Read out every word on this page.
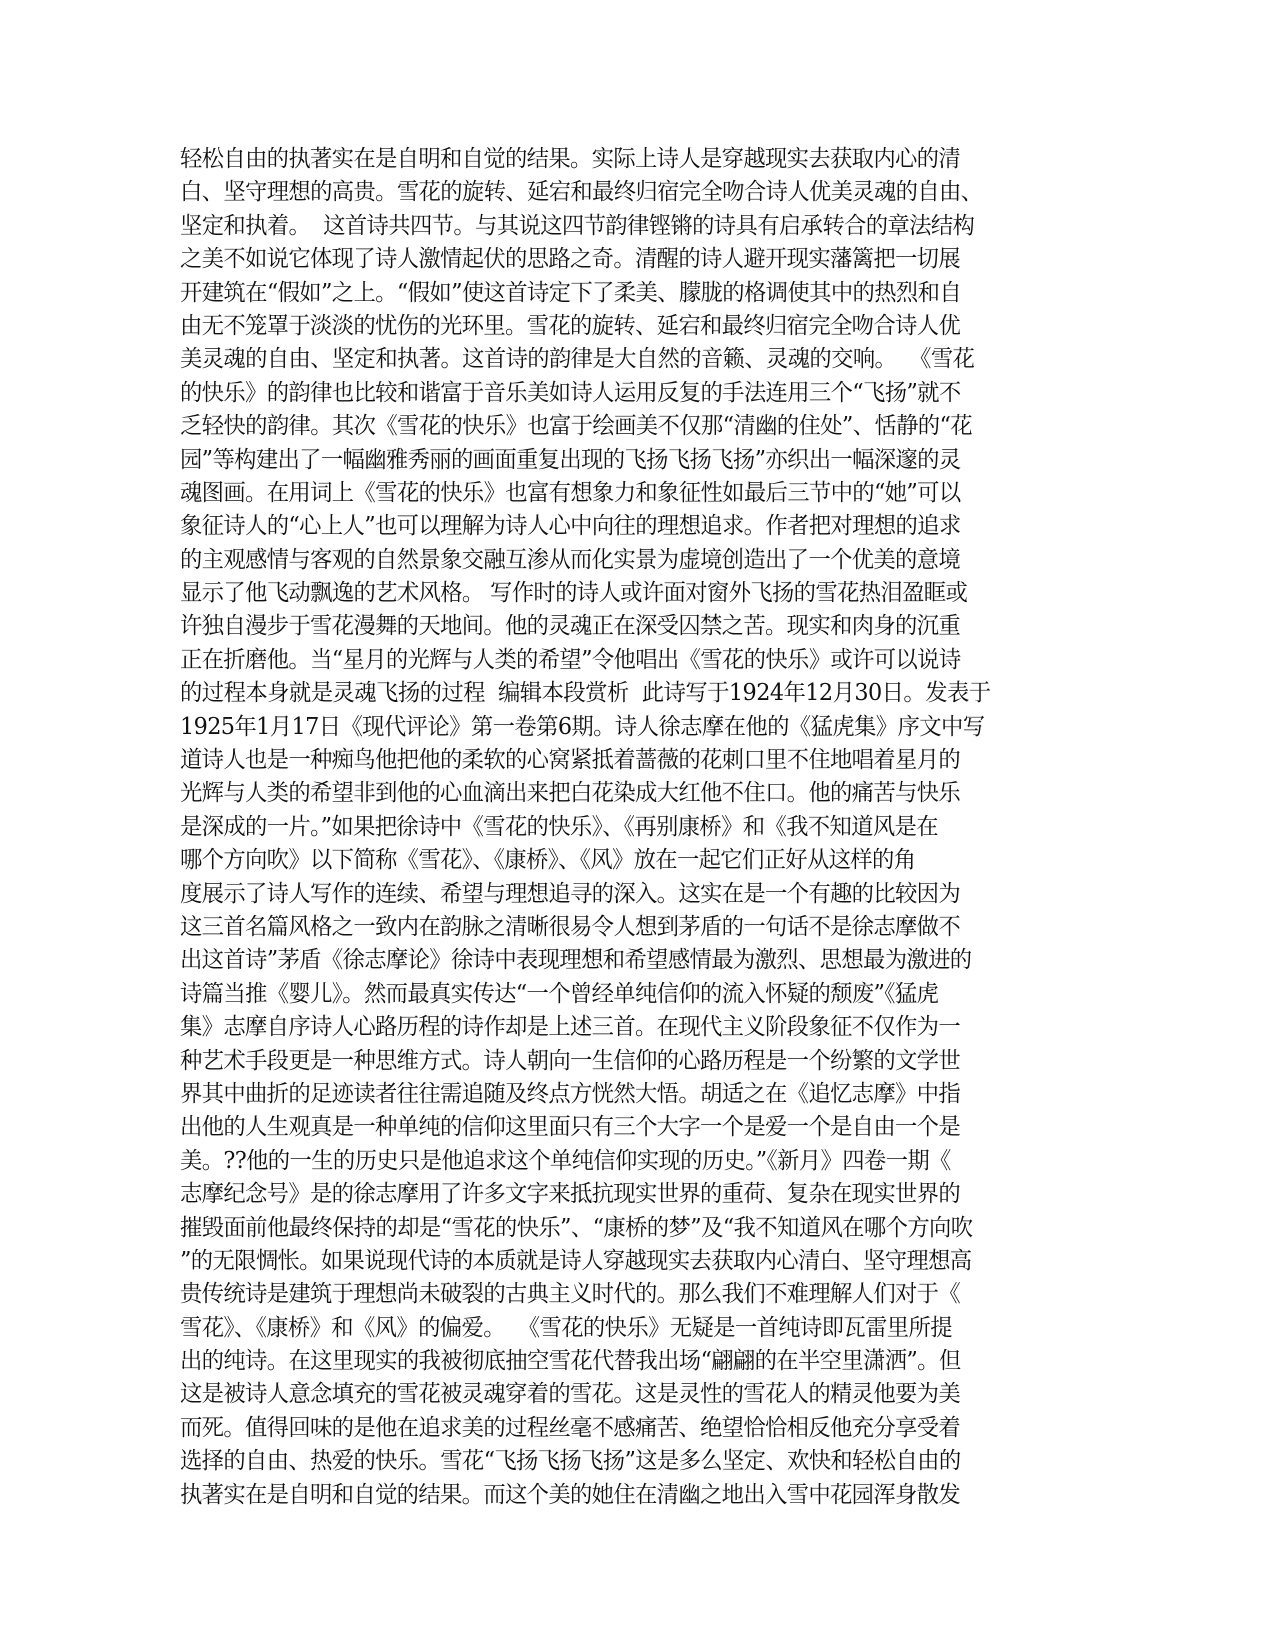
轻松自由的执著实在是自明和自觉的结果。实际上诗人是穿越现实去获取内心的清
白、坚守理想的高贵。雪花的旋转、延宕和最终归宿完全吻合诗人优美灵魂的自由、
坚定和执着。  这首诗共四节。与其说这四节韵律铿锵的诗具有启承转合的章法结构
之美不如说它体现了诗人激情起伏的思路之奇。清醒的诗人避开现实藩篱把一切展
开建筑在“假如”之上。“假如”使这首诗定下了柔美、朦胧的格调使其中的热烈和自
由无不笼罩于淡淡的忧伤的光环里。雪花的旋转、延宕和最终归宿完全吻合诗人优
美灵魂的自由、坚定和执著。这首诗的韵律是大自然的音籁、灵魂的交响。  《雪花
的快乐》的韵律也比较和谐富于音乐美如诗人运用反复的手法连用三个“飞扬”就不
乏轻快的韵律。其次《雪花的快乐》也富于绘画美不仅那“清幽的住处”、恬静的“花
园”等构建出了一幅幽雅秀丽的画面重复出现的飞扬飞扬飞扬”亦织出一幅深邃的灵
魂图画。在用词上《雪花的快乐》也富有想象力和象征性如最后三节中的“她”可以
象征诗人的“心上人”也可以理解为诗人心中向往的理想追求。作者把对理想的追求
的主观感情与客观的自然景象交融互渗从而化实景为虚境创造出了一个优美的意境
显示了他飞动飘逸的艺术风格。 写作时的诗人或许面对窗外飞扬的雪花热泪盈眶或
许独自漫步于雪花漫舞的天地间。他的灵魂正在深受囚禁之苦。现实和肉身的沉重
正在折磨他。当“星月的光辉与人类的希望”令他唱出《雪花的快乐》或许可以说诗
的过程本身就是灵魂飞扬的过程  编辑本段赏析  此诗写于1924年12月30日。发表于
1925年1月17日《现代评论》第一卷第6期。诗人徐志摩在他的《猛虎集》序文中写
道诗人也是一种痴鸟他把他的柔软的心窝紧抵着蔷薇的花刺口里不住地唱着星月的
光辉与人类的希望非到他的心血滴出来把白花染成大红他不住口。他的痛苦与快乐
是深成的一片。”如果把徐诗中《雪花的快乐》、《再别康桥》和《我不知道风是在
哪个方向吹》以下简称《雪花》、《康桥》、《风》放在一起它们正好从这样的角
度展示了诗人写作的连续、希望与理想追寻的深入。这实在是一个有趣的比较因为
这三首名篇风格之一致内在韵脉之清晰很易令人想到茅盾的一句话不是徐志摩做不
出这首诗”茅盾《徐志摩论》徐诗中表现理想和希望感情最为激烈、思想最为激进的
诗篇当推《婴儿》。然而最真实传达“一个曾经单纯信仰的流入怀疑的颓废”《猛虎
集》志摩自序诗人心路历程的诗作却是上述三首。在现代主义阶段象征不仅作为一
种艺术手段更是一种思维方式。诗人朝向一生信仰的心路历程是一个纷繁的文学世
界其中曲折的足迹读者往往需追随及终点方恍然大悟。胡适之在《追忆志摩》中指
出他的人生观真是一种单纯的信仰这里面只有三个大字一个是爱一个是自由一个是
美。??他的一生的历史只是他追求这个单纯信仰实现的历史。”《新月》四卷一期《
志摩纪念号》是的徐志摩用了许多文字来抵抗现实世界的重荷、复杂在现实世界的
摧毁面前他最终保持的却是“雪花的快乐”、“康桥的梦”及“我不知道风在哪个方向吹
”的无限惆怅。如果说现代诗的本质就是诗人穿越现实去获取内心清白、坚守理想高
贵传统诗是建筑于理想尚未破裂的古典主义时代的。那么我们不难理解人们对于《
雪花》、《康桥》和《风》的偏爱。  《雪花的快乐》无疑是一首纯诗即瓦雷里所提
出的纯诗。在这里现实的我被彻底抽空雪花代替我出场“翩翩的在半空里潇洒”。但
这是被诗人意念填充的雪花被灵魂穿着的雪花。这是灵性的雪花人的精灵他要为美
而死。值得回味的是他在追求美的过程丝毫不感痛苦、绝望恰恰相反他充分享受着
选择的自由、热爱的快乐。雪花“飞扬飞扬飞扬”这是多么坚定、欢快和轻松自由的
执著实在是自明和自觉的结果。而这个美的她住在清幽之地出入雪中花园浑身散发
